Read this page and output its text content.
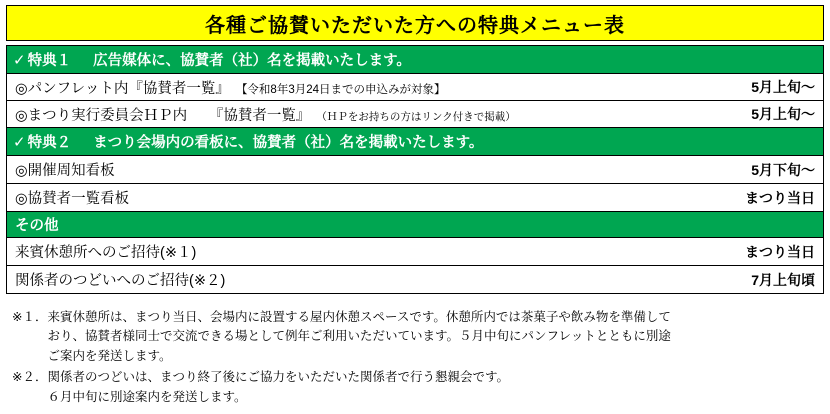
各種ご協賛いただいた方への特典メニュー表
✓ 特典１ 広告媒体に、協賛者（社）名を掲載いたします。
◎ パンフレット内『協賛者一覧』 【令和8年3月24日までの申込みが対象】	5月上旬～
◎ まつり実行委員会ＨＰ内　　『協賛者一覧』 （ＨＰをお持ちの方はリンク付きで掲載）	5月上旬～
✓ 特典２ まつり会場内の看板に、協賛者（社）名を掲載いたします。
◎ 開催周知看板	5月下旬～
◎ 協賛者一覧看板	まつり当日
その他
来賓休憩所へのご招待(※１)	まつり当日
関係者のつどいへのご招待(※２)	7月上旬頃
※１． 来賓休憩所は、まつり当日、会場内に設置する屋内休憩スペースです。休憩所内では茶菓子や飲み物を準備して
おり、協賛者様同士で交流できる場として例年ご利用いただいています。５月中旬にパンフレットとともに別途
ご案内を発送します。
※２． 関係者のつどいは、まつり終了後にご協力をいただいた関係者で行う懇親会です。
６月中旬に別途案内を発送します。
